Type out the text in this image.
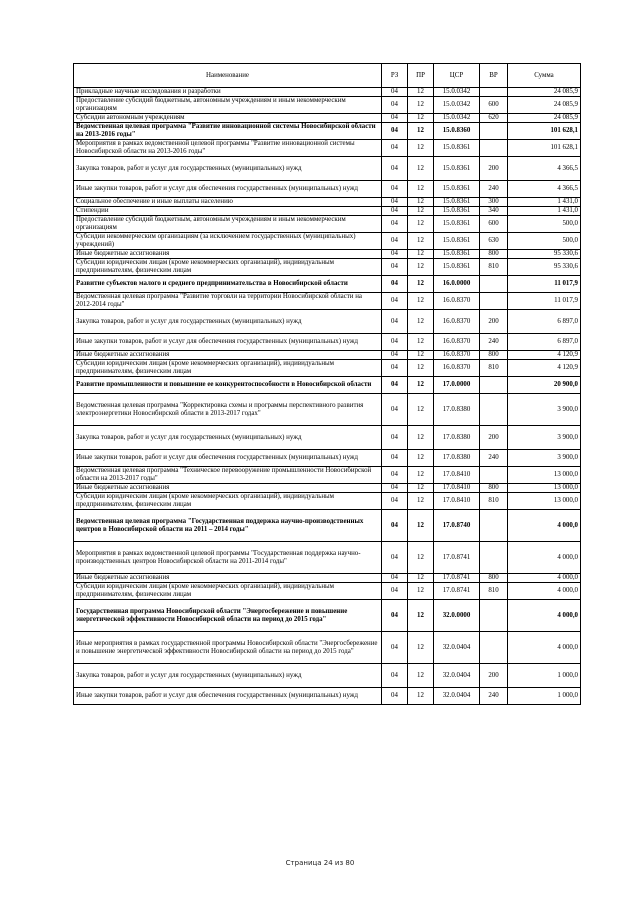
Наименование	РЗ	ПР	ЦСР	ВР	Сумма
Прикладные научные исследования и разработки	04	12	15.0.0342		24 085,9
Предоставление субсидий бюджетным, автономным учреждениям и иным некоммерческим организациям	04	12	15.0.0342	600	24 085,9
Субсидии автономным учреждениям	04	12	15.0.0342	620	24 085,9
Ведомственная целевая программа "Развитие инновационной системы Новосибирской области на 2013-2016 годы"	04	12	15.0.8360		101 628,1
Мероприятия в рамках ведомственной целевой программы "Развитие инновационной системы Новосибирской области на 2013-2016 годы"	04	12	15.0.8361		101 628,1
Закупка товаров, работ и услуг для государственных (муниципальных) нужд	04	12	15.0.8361	200	4 366,5
Иные закупки товаров, работ и услуг для обеспечения государственных (муниципальных) нужд	04	12	15.0.8361	240	4 366,5
Социальное обеспечение и иные выплаты населению	04	12	15.0.8361	300	1 431,0
Стипендии	04	12	15.0.8361	340	1 431,0
Предоставление субсидий бюджетным, автономным учреждениям и иным некоммерческим организациям	04	12	15.0.8361	600	500,0
Субсидии некоммерческим организациям (за исключением государственных (муниципальных) учреждений)	04	12	15.0.8361	630	500,0
Иные бюджетные ассигнования	04	12	15.0.8361	800	95 330,6
Субсидии юридическим лицам (кроме некоммерческих организаций), индивидуальным предпринимателям, физическим лицам	04	12	15.0.8361	810	95 330,6
Развитие субъектов малого и среднего предпринимательства в Новосибирской области	04	12	16.0.0000		11 017,9
Ведомственная целевая программа "Развитие торговли на территории Новосибирской области на 2012-2014 годы"	04	12	16.0.8370		11 017,9
Закупка товаров, работ и услуг для государственных (муниципальных) нужд	04	12	16.0.8370	200	6 897,0
Иные закупки товаров, работ и услуг для обеспечения государственных (муниципальных) нужд	04	12	16.0.8370	240	6 897,0
Иные бюджетные ассигнования	04	12	16.0.8370	800	4 120,9
Субсидии юридическим лицам (кроме некоммерческих организаций), индивидуальным предпринимателям, физическим лицам	04	12	16.0.8370	810	4 120,9
Развитие промышленности и повышение ее конкурентоспособности в Новосибирской области	04	12	17.0.0000		20 900,0
Ведомственная целевая программа "Корректировка схемы и программы перспективного развития электроэнергетики Новосибирской области в 2013-2017 годах"	04	12	17.0.8380		3 900,0
Закупка товаров, работ и услуг для государственных (муниципальных) нужд	04	12	17.0.8380	200	3 900,0
Иные закупки товаров, работ и услуг для обеспечения государственных (муниципальных) нужд	04	12	17.0.8380	240	3 900,0
Ведомственная целевая программа "Техническое перевооружение промышленности Новосибирской области на 2013-2017 годы"	04	12	17.0.8410		13 000,0
Иные бюджетные ассигнования	04	12	17.0.8410	800	13 000,0
Субсидии юридическим лицам (кроме некоммерческих организаций), индивидуальным предпринимателям, физическим лицам	04	12	17.0.8410	810	13 000,0
Ведомственная целевая программа "Государственная поддержка научно-производственных центров в Новосибирской области на 2011 – 2014 годы"	04	12	17.0.8740		4 000,0
Мероприятия в рамках ведомственной целевой программы "Государственная поддержка научно-производственных центров Новосибирской области на 2011-2014 годы"	04	12	17.0.8741		4 000,0
Иные бюджетные ассигнования	04	12	17.0.8741	800	4 000,0
Субсидии юридическим лицам (кроме некоммерческих организаций), индивидуальным предпринимателям, физическим лицам	04	12	17.0.8741	810	4 000,0
Государственная программа Новосибирской области "Энергосбережение и повышение энергетической эффективности Новосибирской области на период до 2015 года"	04	12	32.0.0000		4 000,0
Иные мероприятия в рамках государственной программы Новосибирской области "Энергосбережение и повышение энергетической эффективности Новосибирской области на период до 2015 года"	04	12	32.0.0404		4 000,0
Закупка товаров, работ и услуг для государственных (муниципальных) нужд	04	12	32.0.0404	200	1 000,0
Иные закупки товаров, работ и услуг для обеспечения государственных (муниципальных) нужд	04	12	32.0.0404	240	1 000,0
Страница 24 из 80
